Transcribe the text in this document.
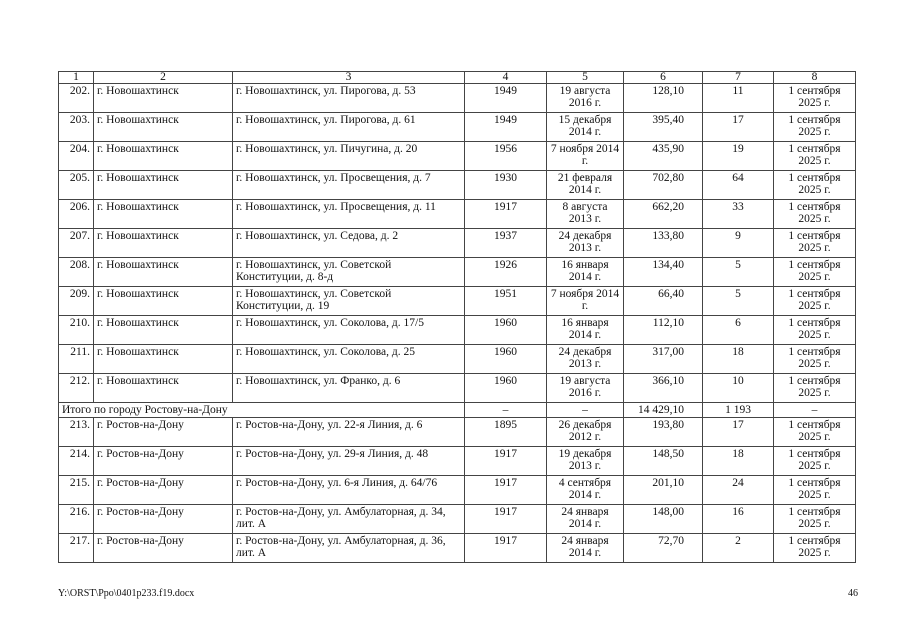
1	2	3	4	5	6	7	8
202.	г. Новошахтинск	г. Новошахтинск, ул. Пирогова, д. 53	1949	19 августа 2016 г.	128,10	11	1 сентября 2025 г.
203.	г. Новошахтинск	г. Новошахтинск, ул. Пирогова, д. 61	1949	15 декабря 2014 г.	395,40	17	1 сентября 2025 г.
204.	г. Новошахтинск	г. Новошахтинск, ул. Пичугина, д. 20	1956	7 ноября 2014 г.	435,90	19	1 сентября 2025 г.
205.	г. Новошахтинск	г. Новошахтинск, ул. Просвещения, д. 7	1930	21 февраля 2014 г.	702,80	64	1 сентября 2025 г.
206.	г. Новошахтинск	г. Новошахтинск, ул. Просвещения, д. 11	1917	8 августа 2013 г.	662,20	33	1 сентября 2025 г.
207.	г. Новошахтинск	г. Новошахтинск, ул. Седова, д. 2	1937	24 декабря 2013 г.	133,80	9	1 сентября 2025 г.
208.	г. Новошахтинск	г. Новошахтинск, ул. Советской Конституции, д. 8-д	1926	16 января 2014 г.	134,40	5	1 сентября 2025 г.
209.	г. Новошахтинск	г. Новошахтинск, ул. Советской Конституции, д. 19	1951	7 ноября 2014 г.	66,40	5	1 сентября 2025 г.
210.	г. Новошахтинск	г. Новошахтинск, ул. Соколова, д. 17/5	1960	16 января 2014 г.	112,10	6	1 сентября 2025 г.
211.	г. Новошахтинск	г. Новошахтинск, ул. Соколова, д. 25	1960	24 декабря 2013 г.	317,00	18	1 сентября 2025 г.
212.	г. Новошахтинск	г. Новошахтинск, ул. Франко, д. 6	1960	19 августа 2016 г.	366,10	10	1 сентября 2025 г.
Итого по городу Ростову-на-Дону			–	–	14 429,10	1 193	–
213.	г. Ростов-на-Дону	г. Ростов-на-Дону, ул. 22-я Линия, д. 6	1895	26 декабря 2012 г.	193,80	17	1 сентября 2025 г.
214.	г. Ростов-на-Дону	г. Ростов-на-Дону, ул. 29-я Линия, д. 48	1917	19 декабря 2013 г.	148,50	18	1 сентября 2025 г.
215.	г. Ростов-на-Дону	г. Ростов-на-Дону, ул. 6-я Линия, д. 64/76	1917	4 сентября 2014 г.	201,10	24	1 сентября 2025 г.
216.	г. Ростов-на-Дону	г. Ростов-на-Дону, ул. Амбулаторная, д. 34, лит. А	1917	24 января 2014 г.	148,00	16	1 сентября 2025 г.
217.	г. Ростов-на-Дону	г. Ростов-на-Дону, ул. Амбулаторная, д. 36, лит. А	1917	24 января 2014 г.	72,70	2	1 сентября 2025 г.
Y:\ORST\Ppo\0401p233.f19.docx	46
